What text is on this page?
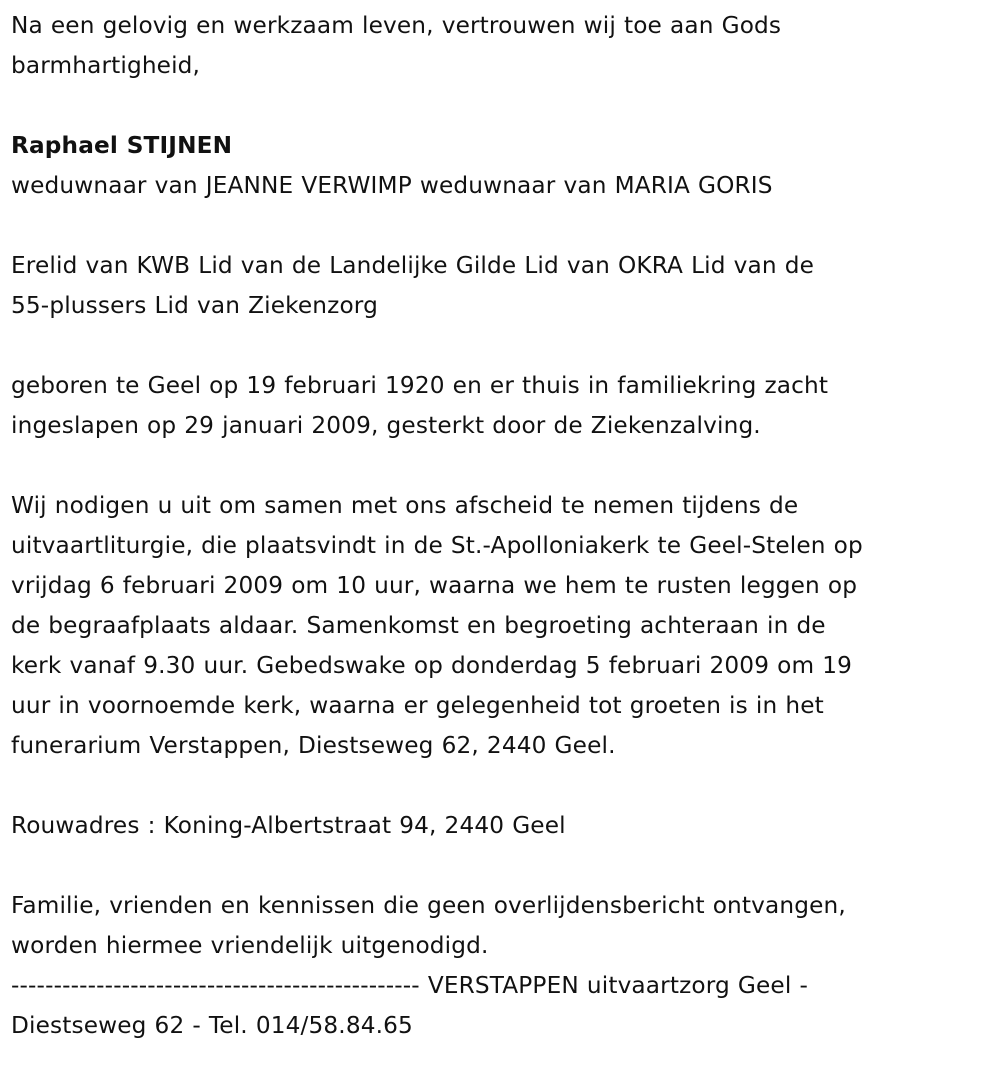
Na een gelovig en werkzaam leven, vertrouwen wij toe aan Gods
barmhartigheid,

Raphael STIJNEN

weduwnaar van JEANNE VERWIMP weduwnaar van MARIA GORIS

Erelid van KWB Lid van de Landelijke Gilde Lid van OKRA Lid van de
55-plussers Lid van Ziekenzorg

geboren te Geel op 19 februari 1920 en er thuis in familiekring zacht
ingeslapen op 29 januari 2009, gesterkt door de Ziekenzalving.

Wij nodigen u uit om samen met ons afscheid te nemen tijdens de
uitvaartliturgie, die plaatsvindt in de St.-Apolloniakerk te Geel-Stelen op
vrijdag 6 februari 2009 om 10 uur, waarna we hem te rusten leggen op
de begraafplaats aldaar. Samenkomst en begroeting achteraan in de
kerk vanaf 9.30 uur. Gebedswake op donderdag 5 februari 2009 om 19
uur in voornoemde kerk, waarna er gelegenheid tot groeten is in het
funerarium Verstappen, Diestseweg 62, 2440 Geel.

Rouwadres : Koning-Albertstraat 94, 2440 Geel

Familie, vrienden en kennissen die geen overlijdensbericht ontvangen,
worden hiermee vriendelijk uitgenodigd.

------------------------------------------------ VERSTAPPEN uitvaartzorg Geel -
Diestseweg 62 - Tel. 014/58.84.65
